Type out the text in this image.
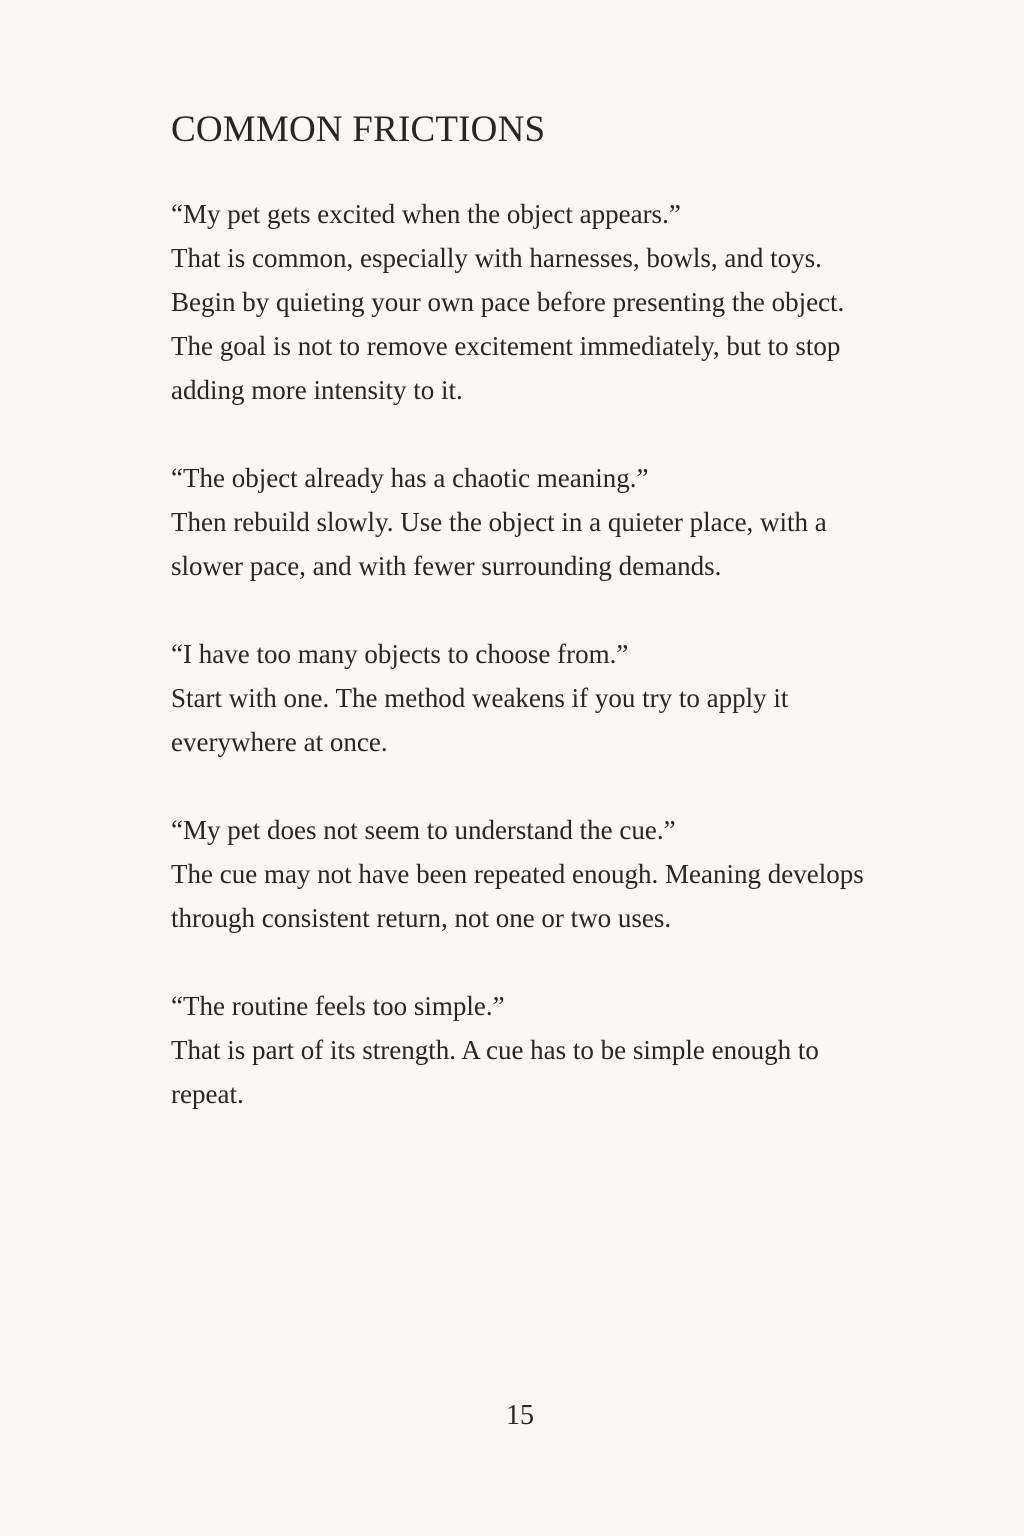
COMMON FRICTIONS

“My pet gets excited when the object appears.”
That is common, especially with harnesses, bowls, and toys. Begin by quieting your own pace before presenting the object. The goal is not to remove excitement immediately, but to stop adding more intensity to it.

“The object already has a chaotic meaning.”
Then rebuild slowly. Use the object in a quieter place, with a slower pace, and with fewer surrounding demands.

“I have too many objects to choose from.”
Start with one. The method weakens if you try to apply it everywhere at once.

“My pet does not seem to understand the cue.”
The cue may not have been repeated enough. Meaning develops through consistent return, not one or two uses.

“The routine feels too simple.”
That is part of its strength. A cue has to be simple enough to repeat.

15
